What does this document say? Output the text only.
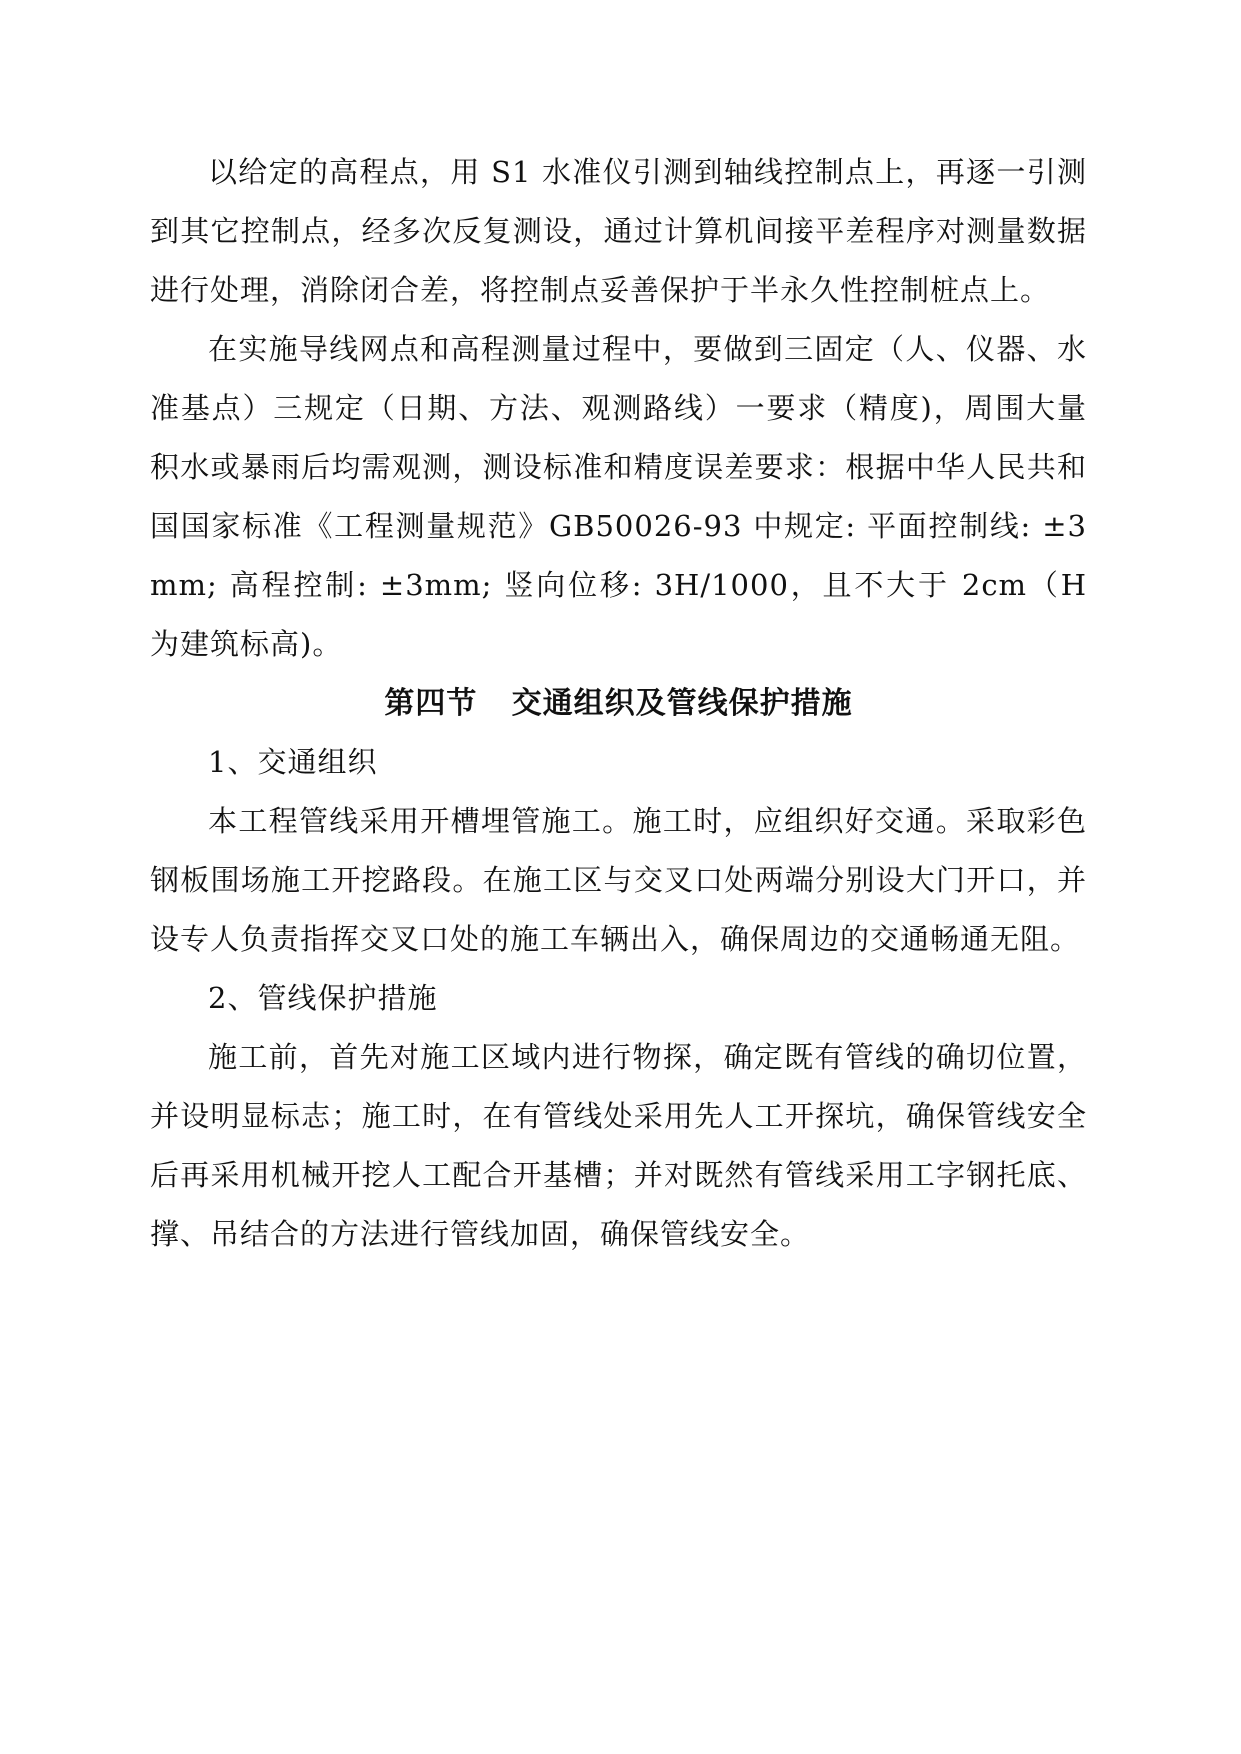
以给定的高程点，用 S1 水准仪引测到轴线控制点上，再逐一引测到其它控制点，经多次反复测设，通过计算机间接平差程序对测量数据进行处理，消除闭合差，将控制点妥善保护于半永久性控制桩点上。

在实施导线网点和高程测量过程中，要做到三固定（人、仪器、水准基点）三规定（日期、方法、观测路线）一要求（精度)，周围大量积水或暴雨后均需观测，测设标准和精度误差要求：根据中华人民共和国国家标准《工程测量规范》GB50026-93 中规定: 平面控制线: ±3mm; 高程控制: ±3mm; 竖向位移: 3H/1000，且不大于 2cm（H 为建筑标高)。

第四节   交通组织及管线保护措施

1、交通组织

本工程管线采用开槽埋管施工。施工时，应组织好交通。采取彩色钢板围场施工开挖路段。在施工区与交叉口处两端分别设大门开口，并设专人负责指挥交叉口处的施工车辆出入，确保周边的交通畅通无阻。

2、管线保护措施

施工前，首先对施工区域内进行物探，确定既有管线的确切位置，并设明显标志；施工时，在有管线处采用先人工开探坑，确保管线安全后再采用机械开挖人工配合开基槽；并对既然有管线采用工字钢托底、撑、吊结合的方法进行管线加固，确保管线安全。
